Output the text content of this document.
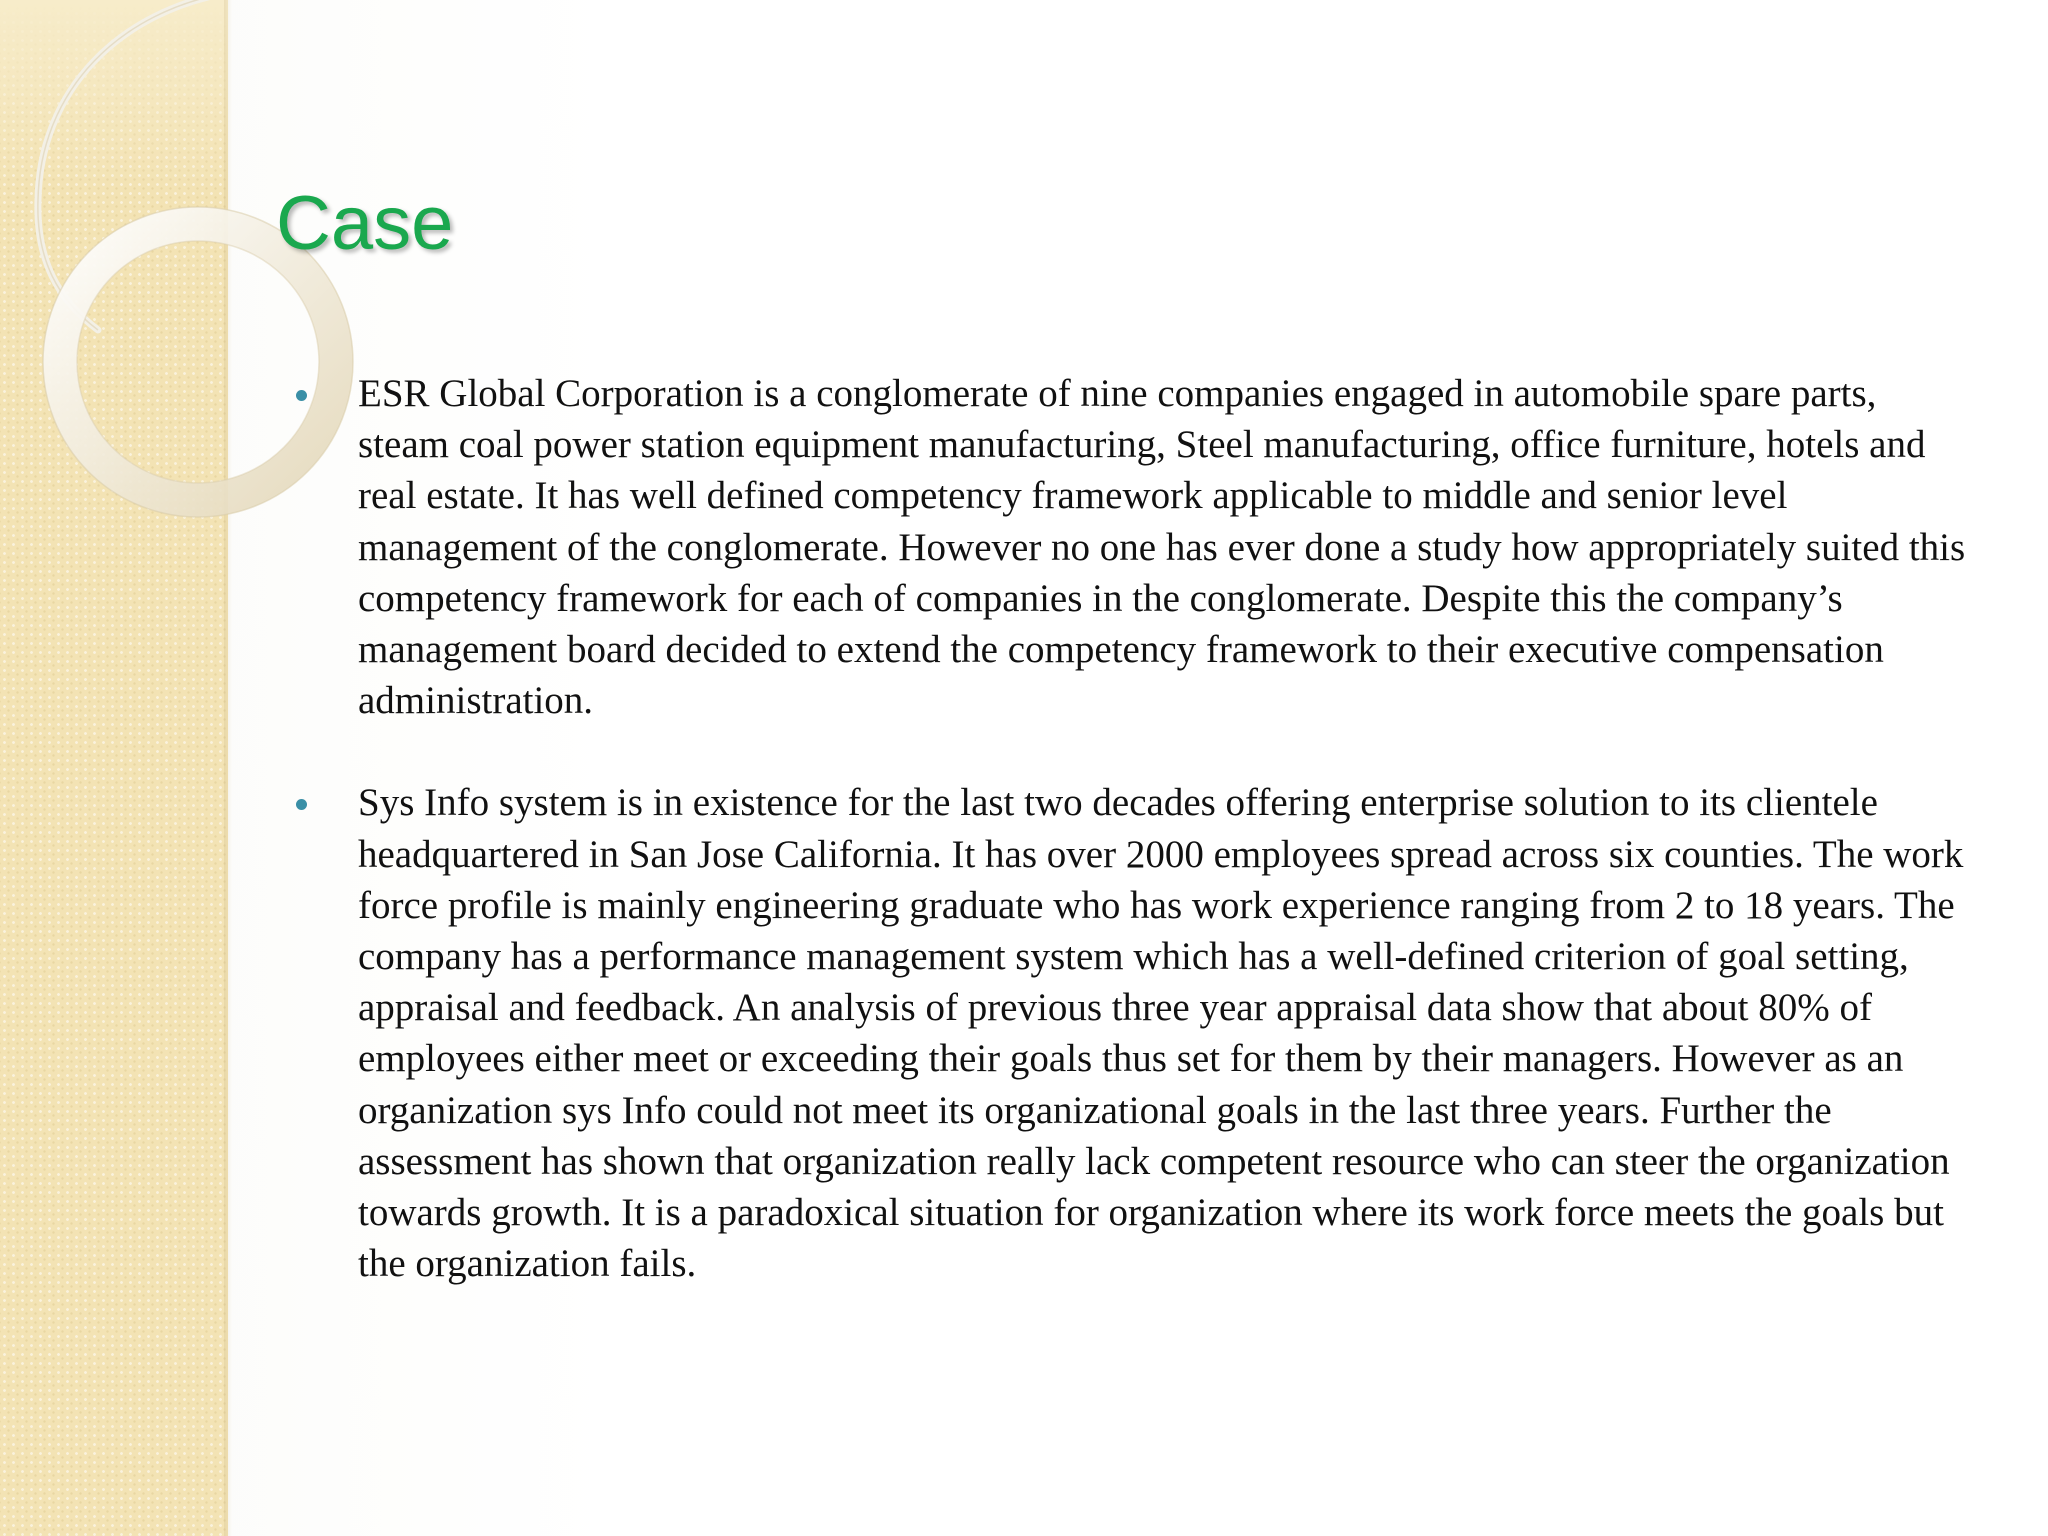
Case
ESR Global Corporation is a conglomerate of nine companies engaged in automobile spare parts, steam coal power station equipment manufacturing, Steel manufacturing, office furniture, hotels and real estate. It has well defined competency framework applicable to middle and senior level management of the conglomerate. However no one has ever done a study how appropriately suited this competency framework for each of companies in the conglomerate. Despite this the company’s management board decided to extend the competency framework to their executive compensation administration.
Sys Info system is in existence for the last two decades offering enterprise solution to its clientele headquartered in San Jose California. It has over 2000 employees spread across six counties. The work force profile is mainly engineering graduate who has work experience ranging from 2 to 18 years. The company has a performance management system which has a well-defined criterion of goal setting, appraisal and feedback. An analysis of previous three year appraisal data show that about 80% of employees either meet or exceeding their goals thus set for them by their managers. However as an organization sys Info could not meet its organizational goals in the last three years. Further the assessment has shown that organization really lack competent resource who can steer the organization towards growth. It is a paradoxical situation for organization where its work force meets the goals but the organization fails.
